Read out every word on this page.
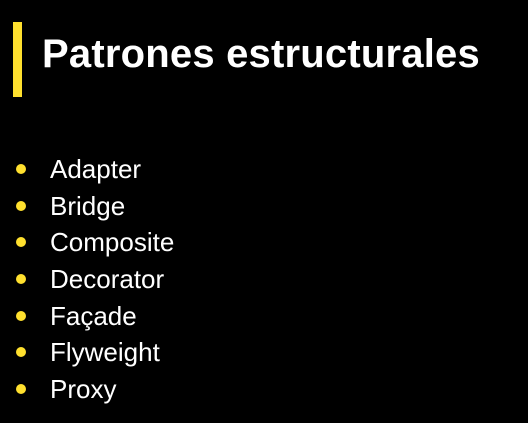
Patrones estructurales
Adapter
Bridge
Composite
Decorator
Façade
Flyweight
Proxy
